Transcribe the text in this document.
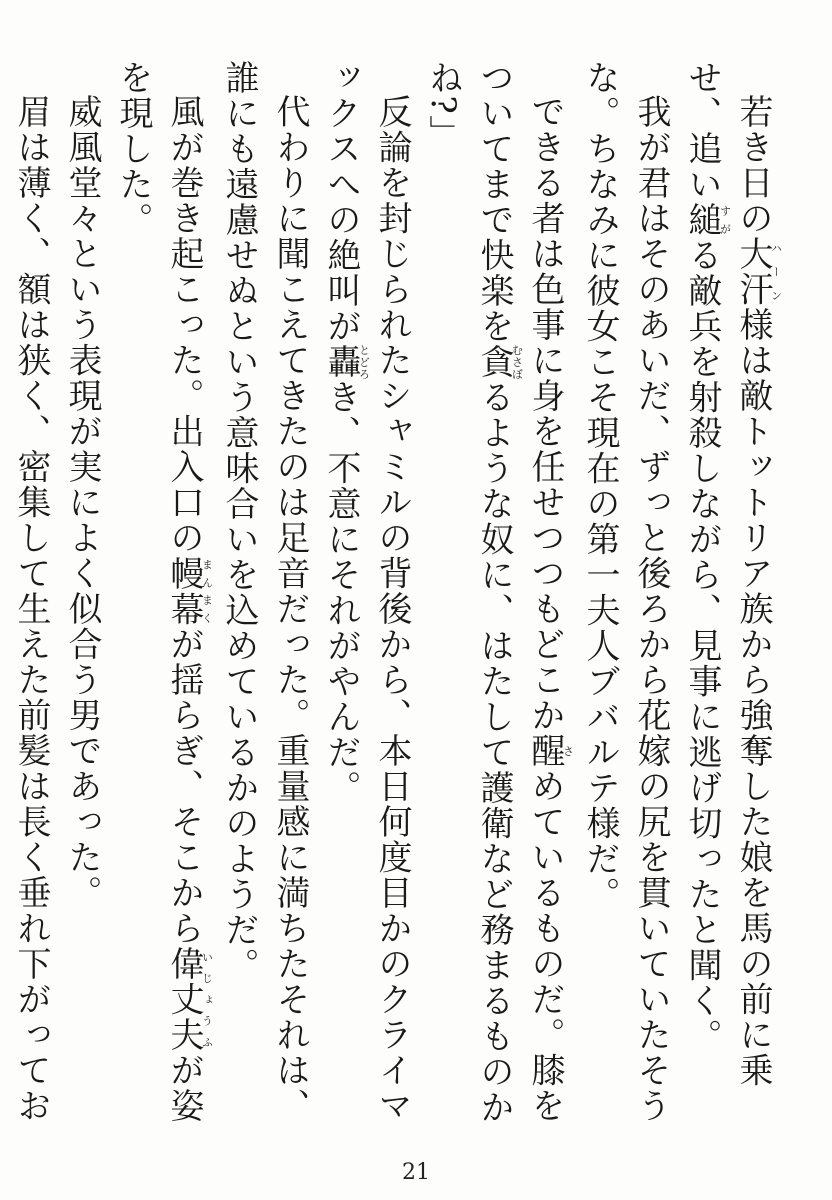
若き日の大汗ハーン様は敵トットリア族から強奪した娘を馬の前に乗せ、追い縋すがる敵兵を射殺しながら、見事に逃げ切ったと聞く。

我が君はそのあいだ、ずっと後ろから花嫁の尻を貫いていたそうな。ちなみに彼女こそ現在の第一夫人ブバルテ様だ。

できる者は色事に身を任せつつもどこか醒さめているものだ。膝をついてまで快楽を貪むさぼるような奴に、はたして護衛など務まるものかね?」

反論を封じられたシャミルの背後から、本日何度目かのクライマックスへの絶叫が轟とどろき、不意にそれがやんだ。

代わりに聞こえてきたのは足音だった。重量感に満ちたそれは、誰にも遠慮せぬという意味合いを込めているかのようだ。

風が巻き起こった。出入口の幔幕まんまくが揺らぎ、そこから偉丈夫いじょうふが姿を現した。

威風堂々という表現が実によく似合う男であった。

眉は薄く、額は狭く、密集して生えた前髪は長く垂れ下がってお

21
